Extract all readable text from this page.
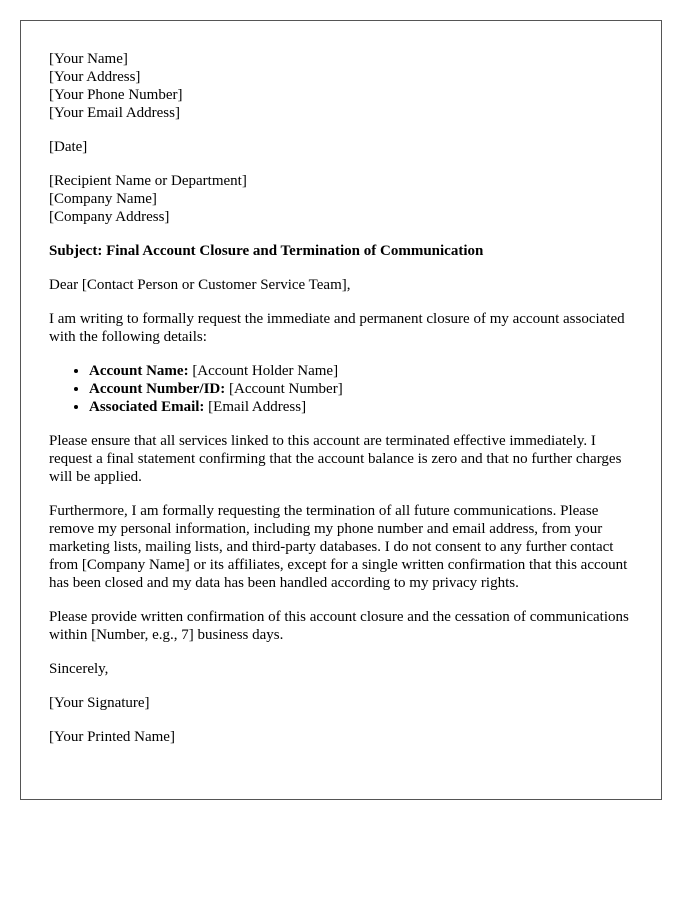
[Your Name]
[Your Address]
[Your Phone Number]
[Your Email Address]
[Date]
[Recipient Name or Department]
[Company Name]
[Company Address]

Subject: Final Account Closure and Termination of Communication

Dear [Contact Person or Customer Service Team],

I am writing to formally request the immediate and permanent closure of my account associated with the following details:

• Account Name: [Account Holder Name]
• Account Number/ID: [Account Number]
• Associated Email: [Email Address]

Please ensure that all services linked to this account are terminated effective immediately. I request a final statement confirming that the account balance is zero and that no further charges will be applied.

Furthermore, I am formally requesting the termination of all future communications. Please remove my personal information, including my phone number and email address, from your marketing lists, mailing lists, and third-party databases. I do not consent to any further contact from [Company Name] or its affiliates, except for a single written confirmation that this account has been closed and my data has been handled according to my privacy rights.

Please provide written confirmation of this account closure and the cessation of communications within [Number, e.g., 7] business days.

Sincerely,

[Your Signature]

[Your Printed Name]
